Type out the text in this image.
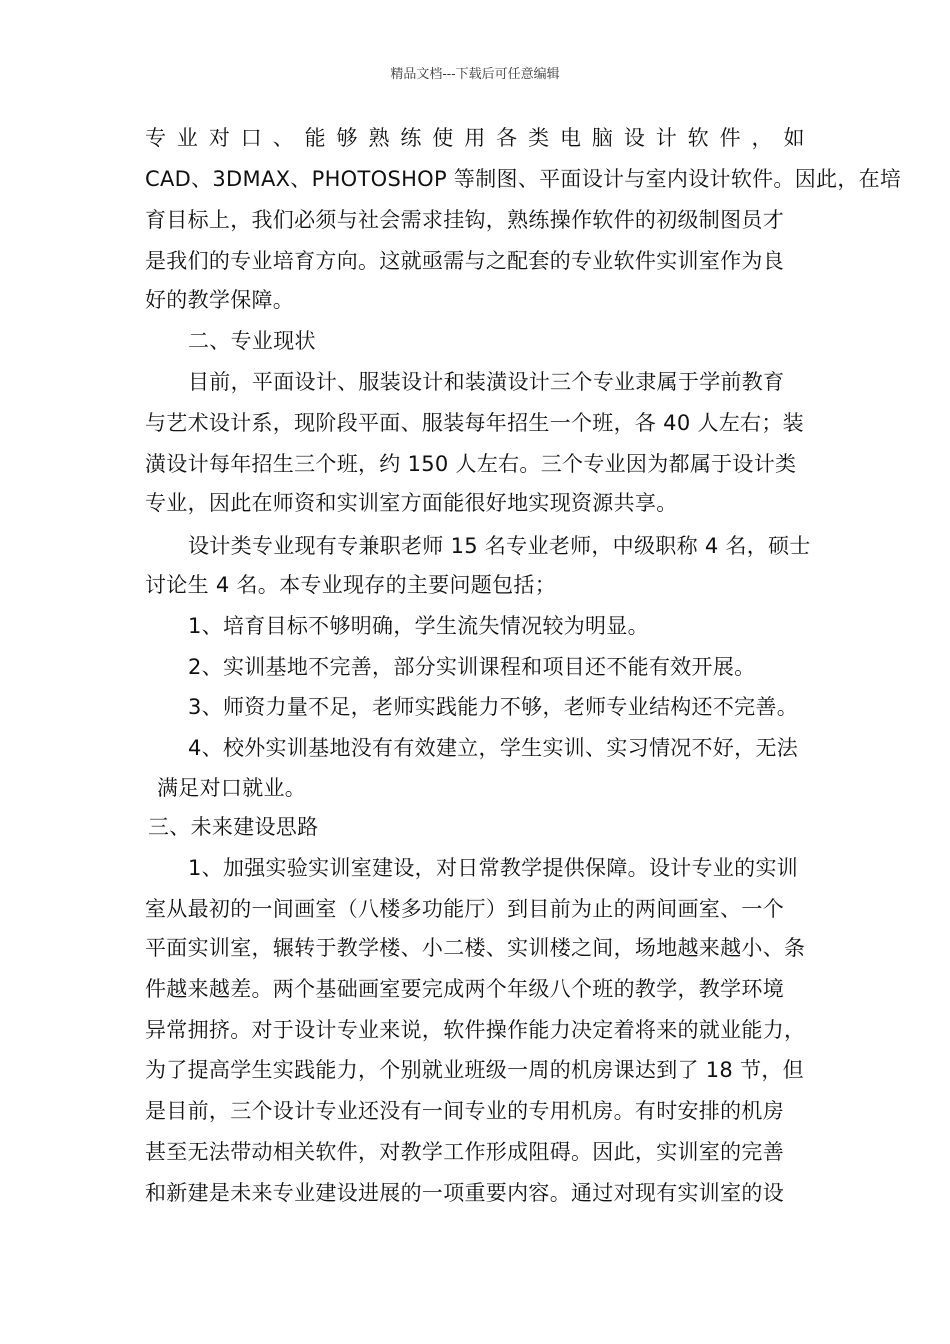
精品文档---下载后可任意编辑
专 业 对 口 、 能 够 熟 练 使 用 各 类 电 脑 设 计 软 件 ， 如
CAD、3DMAX、PHOTOSHOP 等制图、平面设计与室内设计软件。因此，在培
育目标上，我们必须与社会需求挂钩，熟练操作软件的初级制图员才
是我们的专业培育方向。这就亟需与之配套的专业软件实训室作为良
好的教学保障。
二、专业现状
目前，平面设计、服装设计和装潢设计三个专业隶属于学前教育
与艺术设计系，现阶段平面、服装每年招生一个班，各 40 人左右；装
潢设计每年招生三个班，约 150 人左右。三个专业因为都属于设计类
专业，因此在师资和实训室方面能很好地实现资源共享。
设计类专业现有专兼职老师 15 名专业老师，中级职称 4 名，硕士
讨论生 4 名。本专业现存的主要问题包括；
1、培育目标不够明确，学生流失情况较为明显。
2、实训基地不完善，部分实训课程和项目还不能有效开展。
3、师资力量不足，老师实践能力不够，老师专业结构还不完善。
4、校外实训基地没有有效建立，学生实训、实习情况不好，无法
满足对口就业。
三、未来建设思路
1、加强实验实训室建设，对日常教学提供保障。设计专业的实训
室从最初的一间画室（八楼多功能厅）到目前为止的两间画室、一个
平面实训室，辗转于教学楼、小二楼、实训楼之间，场地越来越小、条
件越来越差。两个基础画室要完成两个年级八个班的教学，教学环境
异常拥挤。对于设计专业来说，软件操作能力决定着将来的就业能力，
为了提高学生实践能力，个别就业班级一周的机房课达到了 18 节，但
是目前，三个设计专业还没有一间专业的专用机房。有时安排的机房
甚至无法带动相关软件，对教学工作形成阻碍。因此，实训室的完善
和新建是未来专业建设进展的一项重要内容。通过对现有实训室的设
